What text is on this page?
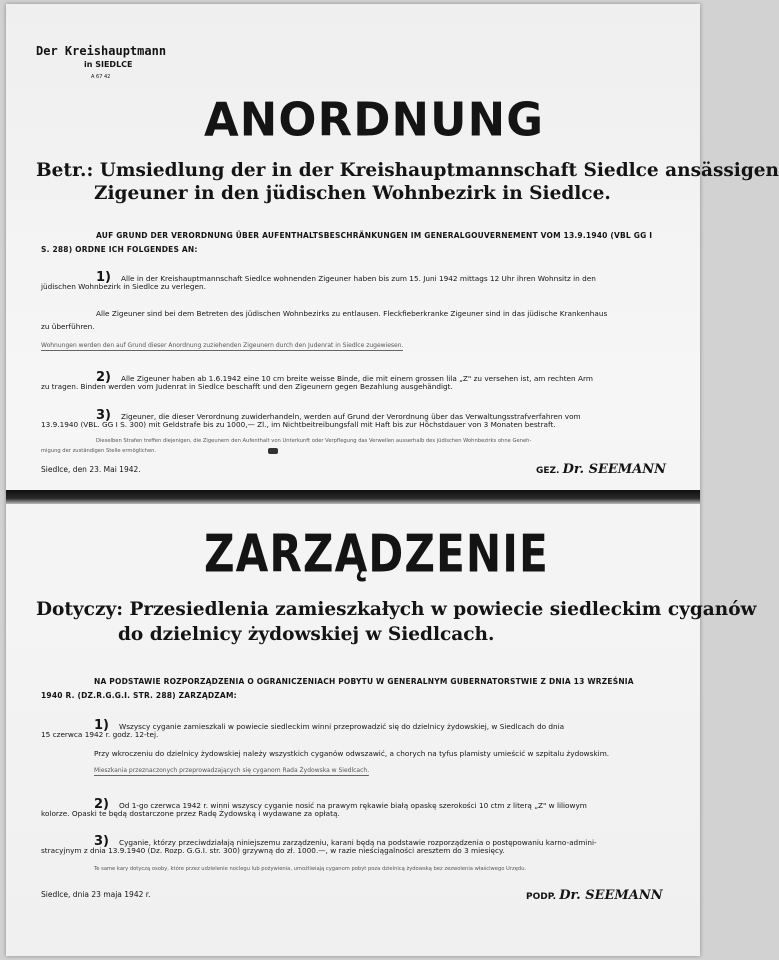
Der Kreishauptmann
in SIEDLCE
A 67 42
ANORDNUNG
Betr.: Umsiedlung der in der Kreishauptmannschaft Siedlce ansässigen
Zigeuner in den jüdischen Wohnbezirk in Siedlce.
AUF GRUND DER VERORDNUNG ÜBER AUFENTHALTSBESCHRÄNKUNGEN IM GENERALGOUVERNEMENT VOM 13.9.1940 (VBL GG I
S. 288) ORDNE ICH FOLGENDES AN:
1) Alle in der Kreishauptmannschaft Siedlce wohnenden Zigeuner haben bis zum 15. Juni 1942 mittags 12 Uhr ihren Wohnsitz in den
jüdischen Wohnbezirk in Siedlce zu verlegen.
Alle Zigeuner sind bei dem Betreten des jüdischen Wohnbezirks zu entlausen. Fleckfieberkranke Zigeuner sind in das jüdische Krankenhaus
zu überführen.
Wohnungen werden den auf Grund dieser Anordnung zuziehenden Zigeunern durch den Judenrat in Siedlce zugewiesen.
2) Alle Zigeuner haben ab 1.6.1942 eine 10 cm breite weisse Binde, die mit einem grossen lila „Z" zu versehen ist, am rechten Arm
zu tragen. Binden werden vom Judenrat in Siedlce beschafft und den Zigeunern gegen Bezahlung ausgehändigt.
3) Zigeuner, die dieser Verordnung zuwiderhandeln, werden auf Grund der Verordnung über das Verwaltungsstrafverfahren vom
13.9.1940 (VBL. GG I S. 300) mit Geldstrafe bis zu 1000,— Zl., im Nichtbeitreibungsfall mit Haft bis zur Höchstdauer von 3 Monaten bestraft.
Dieselben Strafen treffen diejenigen, die Zigeunern den Aufenthalt von Unterkunft oder Verpflegung das Verweilen ausserhalb des jüdischen Wohnbezirks ohne Geneh-
migung der zuständigen Stelle ermöglichen.
Siedlce, den 23. Mai 1942.	GEZ. Dr. SEEMANN
ZARZĄDZENIE
Dotyczy: Przesiedlenia zamieszkałych w powiecie siedleckim cyganów
do dzielnicy żydowskiej w Siedlcach.
NA PODSTAWIE ROZPORZĄDZENIA O OGRANICZENIACH POBYTU W GENERALNYM GUBERNATORSTWIE Z DNIA 13 WRZEŚNIA
1940 R. (DZ.R.G.G.I. STR. 288) ZARZĄDZAM:
1) Wszyscy cyganie zamieszkali w powiecie siedleckim winni przeprowadzić się do dzielnicy żydowskiej, w Siedlcach do dnia
15 czerwca 1942 r. godz. 12-tej.
Przy wkroczeniu do dzielnicy żydowskiej należy wszystkich cyganów odwszawić, a chorych na tyfus plamisty umieścić w szpitalu żydowskim.
Mieszkania przeznaczonych przeprowadzających się cyganom Rada Żydowska w Siedlcach.
2) Od 1-go czerwca 1942 r. winni wszyscy cyganie nosić na prawym rękawie białą opaskę szerokości 10 ctm z literą „Z" w liliowym
kolorze. Opaski te będą dostarczone przez Radę Żydowską i wydawane za opłatą.
3) Cyganie, którzy przeciwdziałają niniejszemu zarządzeniu, karani będą na podstawie rozporządzenia o postępowaniu karno-admini-
stracyjnym z dnia 13.9.1940 (Dz. Rozp. G.G.I. str. 300) grzywną do zł. 1000.—, w razie nieściągalności aresztem do 3 miesięcy.
Te same kary dotyczą osoby, które przez udzielenie noclegu lub pożywienia, umożliwiają cyganom pobyt poza dzielnicą żydowską bez zezwolenia właściwego Urzędu.
Siedlce, dnia 23 maja 1942 r.	PODP. Dr. SEEMANN
